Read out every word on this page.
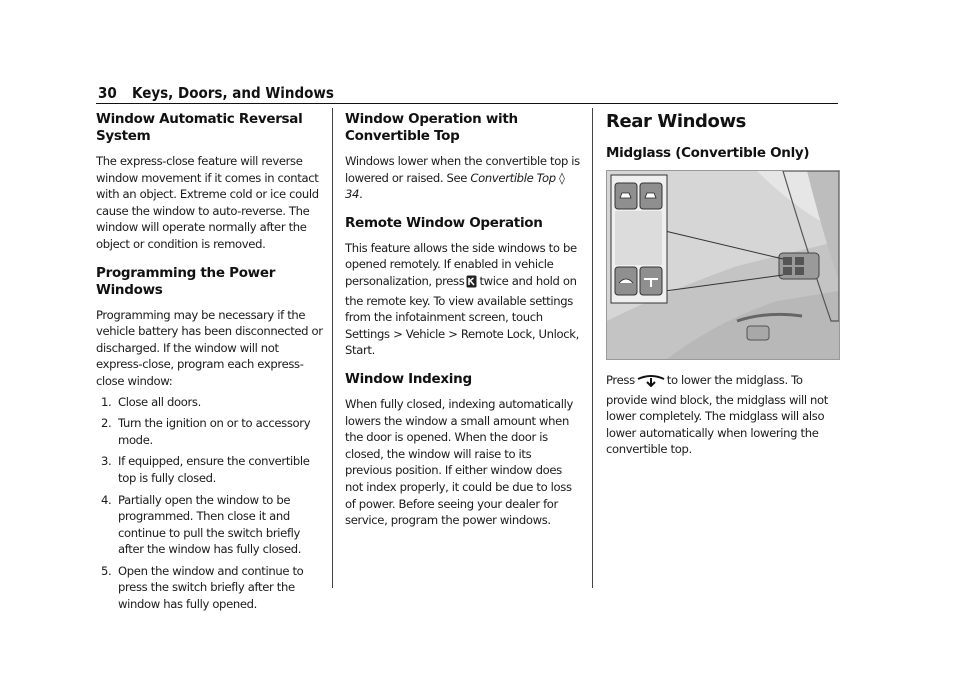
30 Keys, Doors, and Windows
Window Automatic Reversal System

The express-close feature will reverse window movement if it comes in contact with an object. Extreme cold or ice could cause the window to auto-reverse. The window will operate normally after the object or condition is removed.

Programming the Power Windows

Programming may be necessary if the vehicle battery has been disconnected or discharged. If the window will not express-close, program each express-close window:

1. Close all doors.
2. Turn the ignition on or to accessory mode.
3. If equipped, ensure the convertible top is fully closed.
4. Partially open the window to be programmed. Then close it and continue to pull the switch briefly after the window has fully closed.
5. Open the window and continue to press the switch briefly after the window has fully opened.
Window Operation with Convertible Top

Windows lower when the convertible top is lowered or raised. See Convertible Top ◊ 34.

Remote Window Operation

This feature allows the side windows to be opened remotely. If enabled in vehicle personalization, press twice and hold on the remote key. To view available settings from the infotainment screen, touch Settings > Vehicle > Remote Lock, Unlock, Start.

Window Indexing

When fully closed, indexing automatically lowers the window a small amount when the door is opened. When the door is closed, the window will raise to its previous position. If either window does not index properly, it could be due to loss of power. Before seeing your dealer for service, program the power windows.

Rear Windows
Midglass (Convertible Only)

Press	to lower the midglass. To provide wind block, the midglass will not lower completely. The midglass will also lower automatically when lowering the convertible top.
